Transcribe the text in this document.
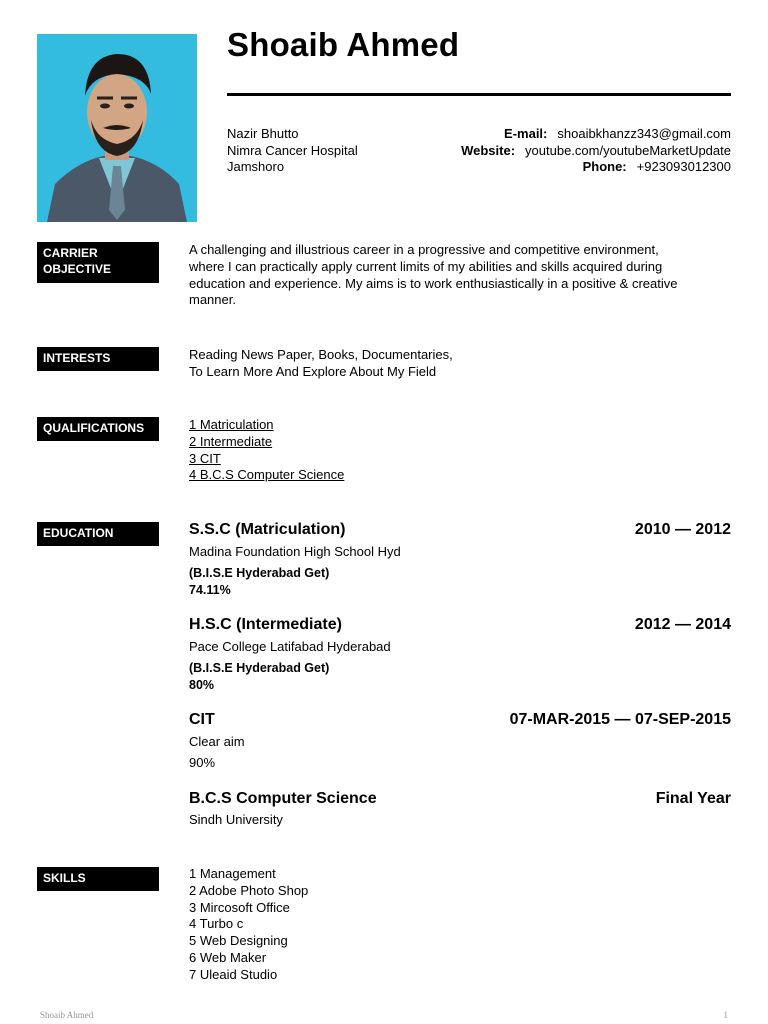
Shoaib Ahmed
Nazir Bhutto
Nimra Cancer Hospital
Jamshoro
E-mail: shoaibkhanzz343@gmail.com
Website: youtube.com/youtubeMarketUpdate
Phone: +923093012300
CARRIER
OBJECTIVE
A challenging and illustrious career in a progressive and competitive environment,
where I can practically apply current limits of my abilities and skills acquired during
education and experience. My aims is to work enthusiastically in a positive & creative
manner.
INTERESTS	Reading News Paper, Books, Documentaries,
To Learn More And Explore About My Field
QUALIFICATIONS	1 Matriculation
2 Intermediate
3 CIT
4 B.C.S Computer Science
EDUCATION	S.S.C (Matriculation)	2010 — 2012
Madina Foundation High School Hyd
(B.I.S.E Hyderabad Get)
74.11%
H.S.C (Intermediate)	2012 — 2014
Pace College Latifabad Hyderabad
(B.I.S.E Hyderabad Get)
80%
CIT	07-MAR-2015 — 07-SEP-2015
Clear aim
90%
B.C.S Computer Science	Final Year
Sindh University
SKILLS	1 Management
2 Adobe Photo Shop
3 Mircosoft Office
4 Turbo c
5 Web Designing
6 Web Maker
7 Uleaid Studio
Shoaib Ahmed	1
